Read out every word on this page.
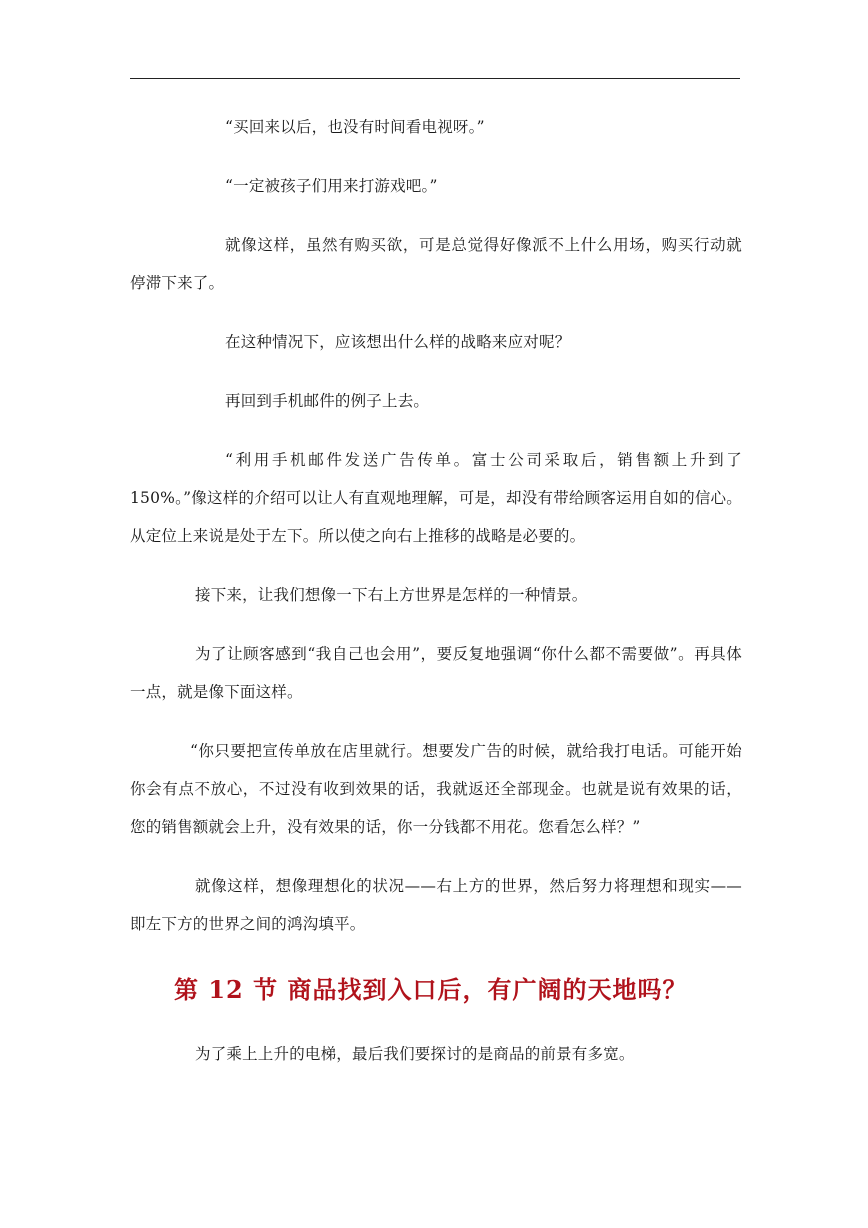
“买回来以后，也没有时间看电视呀。”

“一定被孩子们用来打游戏吧。”

就像这样，虽然有购买欲，可是总觉得好像派不上什么用场，购买行动就停滞下来了。

在这种情况下，应该想出什么样的战略来应对呢？

再回到手机邮件的例子上去。

“利用手机邮件发送广告传单。富士公司采取后，销售额上升到了 150%。”像这样的介绍可以让人有直观地理解，可是，却没有带给顾客运用自如的信心。从定位上来说是处于左下。所以使之向右上推移的战略是必要的。

接下来，让我们想像一下右上方世界是怎样的一种情景。

为了让顾客感到“我自己也会用”，要反复地强调“你什么都不需要做”。再具体一点，就是像下面这样。

“你只要把宣传单放在店里就行。想要发广告的时候，就给我打电话。可能开始你会有点不放心，不过没有收到效果的话，我就返还全部现金。也就是说有效果的话，您的销售额就会上升，没有效果的话，你一分钱都不用花。您看怎么样？”

就像这样，想像理想化的状况——右上方的世界，然后努力将理想和现实——即左下方的世界之间的鸿沟填平。

第 12 节 商品找到入口后，有广阔的天地吗？

为了乘上上升的电梯，最后我们要探讨的是商品的前景有多宽。
